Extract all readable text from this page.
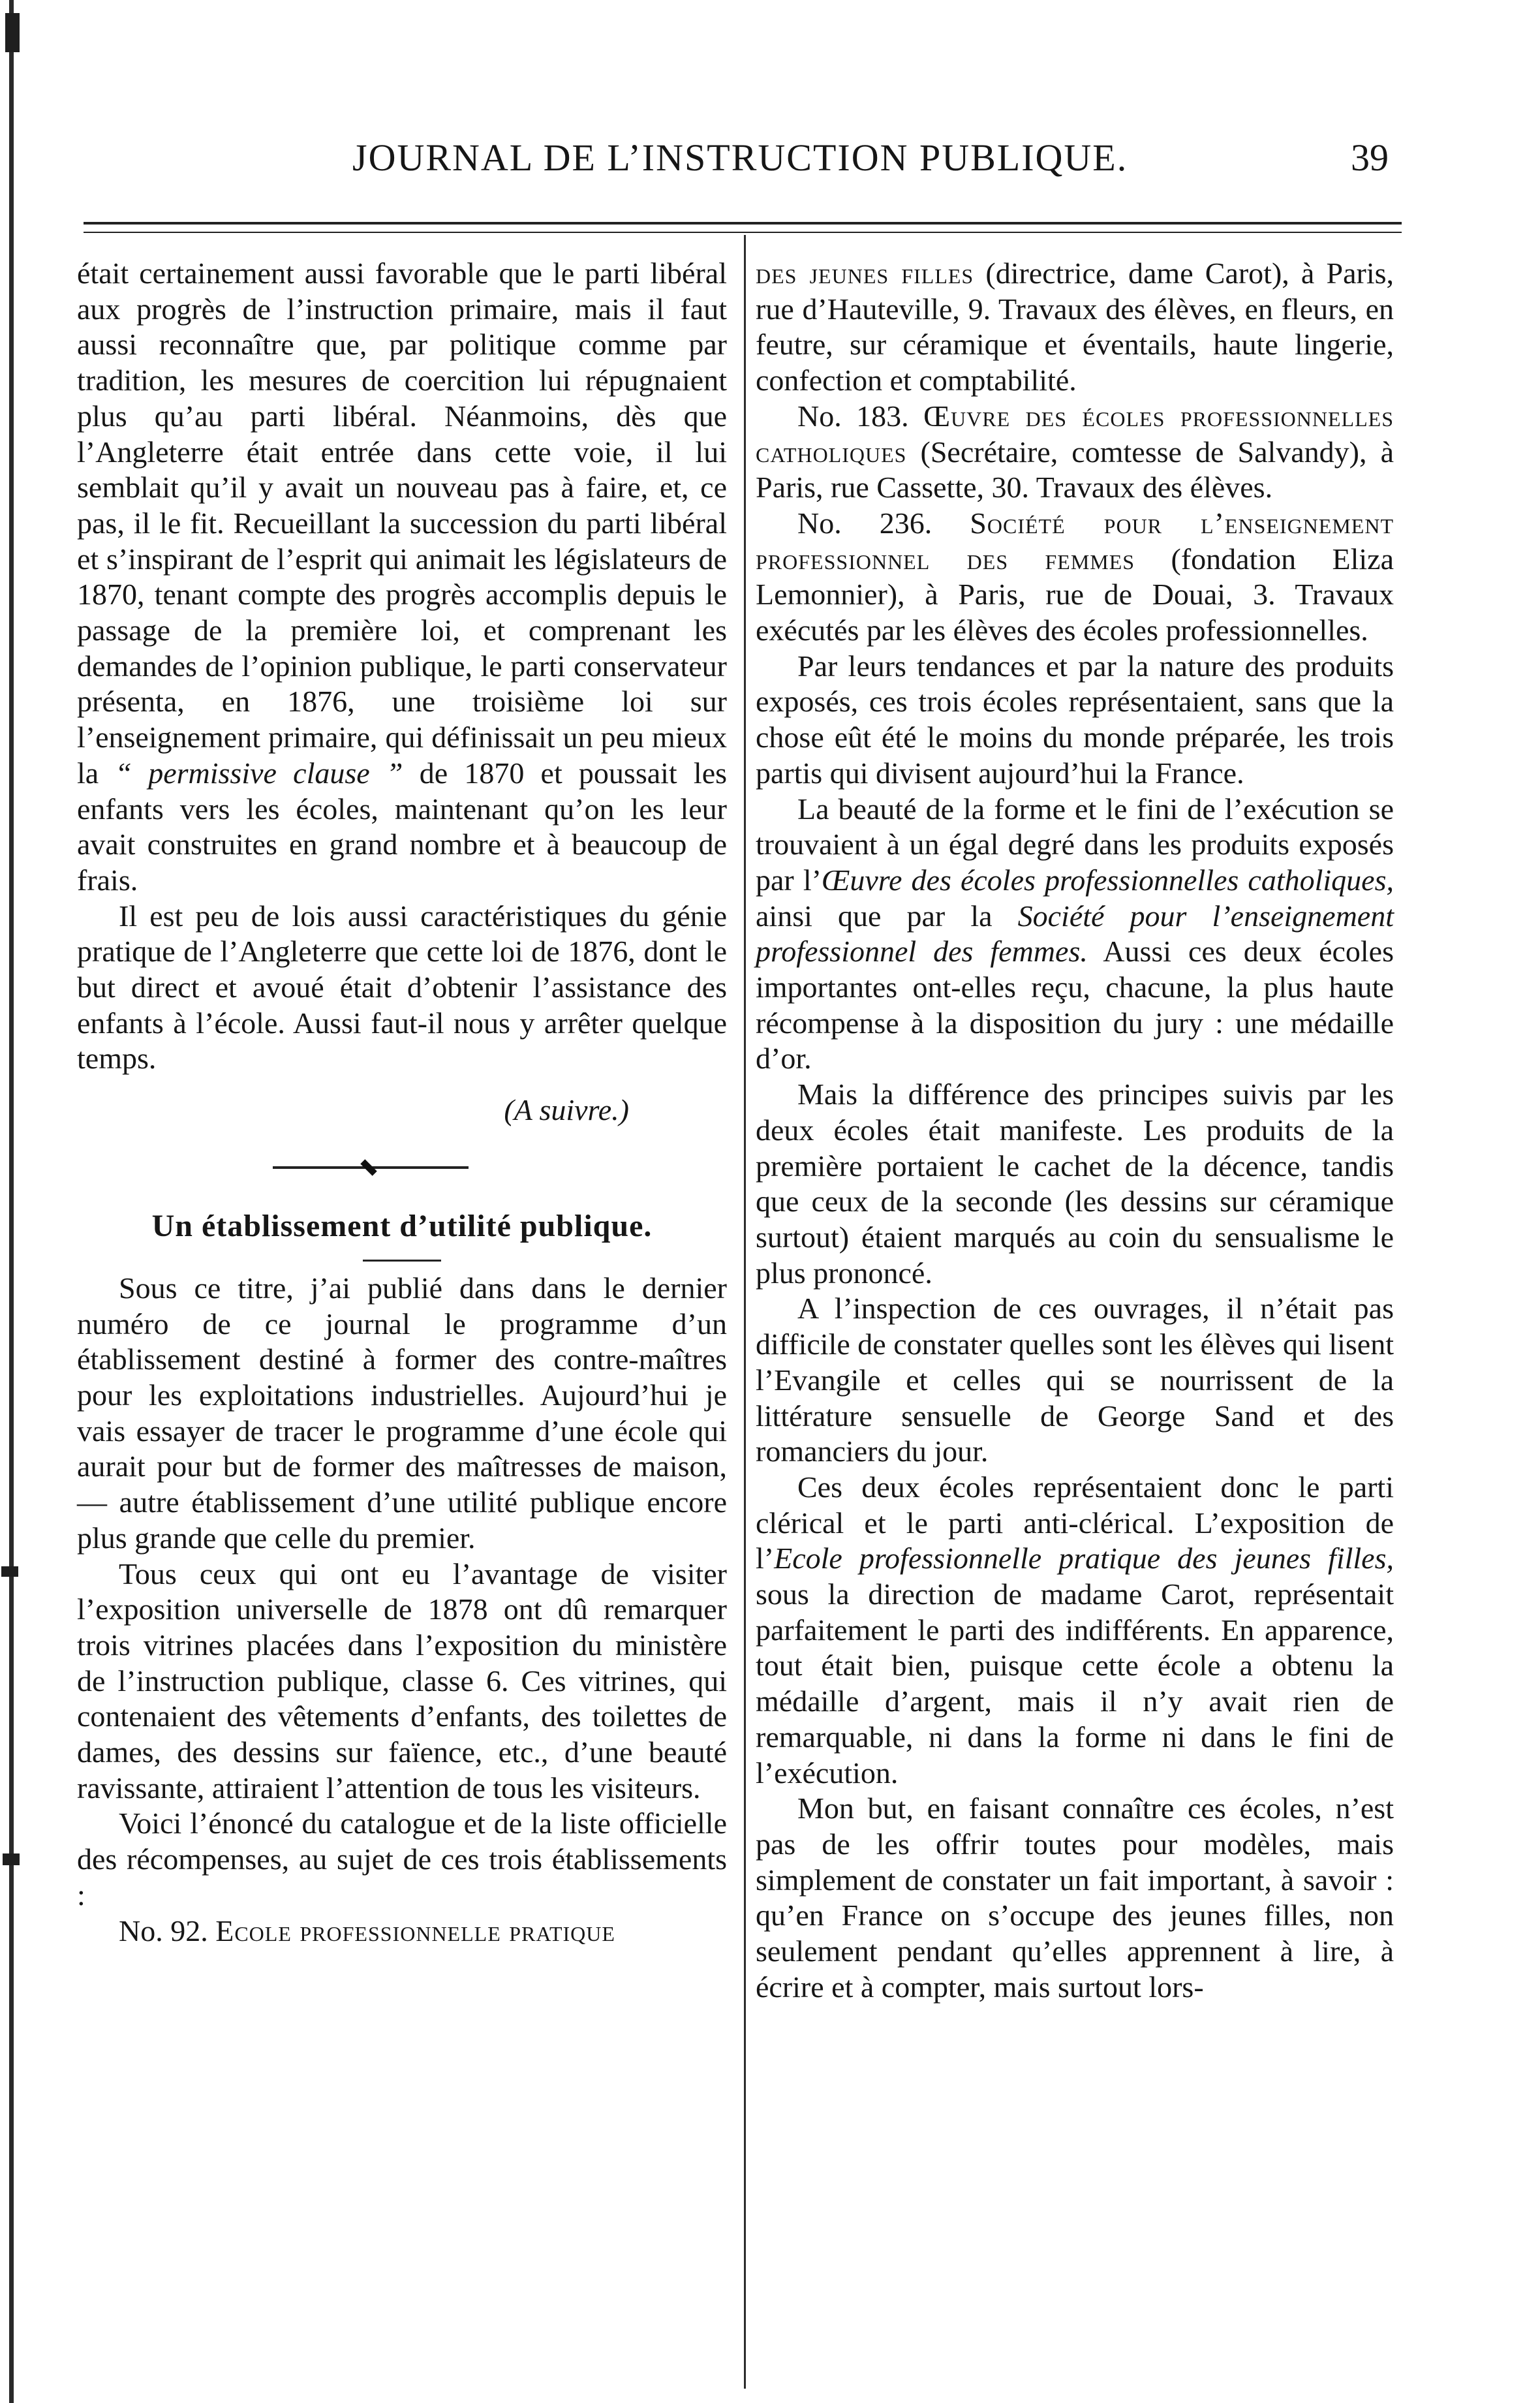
JOURNAL DE L’INSTRUCTION PUBLIQUE.	39

était certainement aussi favorable que le parti libéral aux progrès de l’instruction primaire, mais il faut aussi reconnaître que, par politique comme par tradition, les mesures de coercition lui répugnaient plus qu’au parti libéral. Néanmoins, dès que l’Angleterre était entrée dans cette voie, il lui semblait qu’il y avait un nouveau pas à faire, et, ce pas, il le fit. Recueillant la succession du parti libéral et s’inspirant de l’esprit qui animait les législateurs de 1870, tenant compte des progrès accomplis depuis le passage de la première loi, et comprenant les demandes de l’opinion publique, le parti conservateur présenta, en 1876, une troisième loi sur l’enseignement primaire, qui définissait un peu mieux la “ permissive clause ” de 1870 et poussait les enfants vers les écoles, maintenant qu’on les leur avait construites en grand nombre et à beaucoup de frais.

Il est peu de lois aussi caractéristiques du génie pratique de l’Angleterre que cette loi de 1876, dont le but direct et avoué était d’obtenir l’assistance des enfants à l’école. Aussi faut-il nous y arrêter quelque temps.

(A suivre.)

Un établissement d’utilité publique.

Sous ce titre, j’ai publié dans dans le dernier numéro de ce journal le programme d’un établissement destiné à former des contre-maîtres pour les exploitations industrielles. Aujourd’hui je vais essayer de tracer le programme d’une école qui aurait pour but de former des maîtresses de maison, — autre établissement d’une utilité publique encore plus grande que celle du premier.

Tous ceux qui ont eu l’avantage de visiter l’exposition universelle de 1878 ont dû remarquer trois vitrines placées dans l’exposition du ministère de l’instruction publique, classe 6. Ces vitrines, qui contenaient des vêtements d’enfants, des toilettes de dames, des dessins sur faïence, etc., d’une beauté ravissante, attiraient l’attention de tous les visiteurs.

Voici l’énoncé du catalogue et de la liste officielle des récompenses, au sujet de ces trois établissements :

No. 92. Ecole professionnelle pratique

des jeunes filles (directrice, dame Carot), à Paris, rue d’Hauteville, 9. Travaux des élèves, en fleurs, en feutre, sur céramique et éventails, haute lingerie, confection et comptabilité.

No. 183. Œuvre des écoles professionnelles catholiques (Secrétaire, comtesse de Salvandy), à Paris, rue Cassette, 30. Travaux des élèves.

No. 236. Société pour l’enseignement professionnel des femmes (fondation Eliza Lemonnier), à Paris, rue de Douai, 3. Travaux exécutés par les élèves des écoles professionnelles.

Par leurs tendances et par la nature des produits exposés, ces trois écoles représentaient, sans que la chose eût été le moins du monde préparée, les trois partis qui divisent aujourd’hui la France.

La beauté de la forme et le fini de l’exécution se trouvaient à un égal degré dans les produits exposés par l’Œuvre des écoles professionnelles catholiques, ainsi que par la Société pour l’enseignement professionnel des femmes. Aussi ces deux écoles importantes ont-elles reçu, chacune, la plus haute récompense à la disposition du jury : une médaille d’or.

Mais la différence des principes suivis par les deux écoles était manifeste. Les produits de la première portaient le cachet de la décence, tandis que ceux de la seconde (les dessins sur céramique surtout) étaient marqués au coin du sensualisme le plus prononcé.

A l’inspection de ces ouvrages, il n’était pas difficile de constater quelles sont les élèves qui lisent l’Evangile et celles qui se nourrissent de la littérature sensuelle de George Sand et des romanciers du jour.

Ces deux écoles représentaient donc le parti clérical et le parti anti-clérical. L’exposition de l’Ecole professionnelle pratique des jeunes filles, sous la direction de madame Carot, représentait parfaitement le parti des indifférents. En apparence, tout était bien, puisque cette école a obtenu la médaille d’argent, mais il n’y avait rien de remarquable, ni dans la forme ni dans le fini de l’exécution.

Mon but, en faisant connaître ces écoles, n’est pas de les offrir toutes pour modèles, mais simplement de constater un fait important, à savoir : qu’en France on s’occupe des jeunes filles, non seulement pendant qu’elles apprennent à lire, à écrire et à compter, mais surtout lors-
